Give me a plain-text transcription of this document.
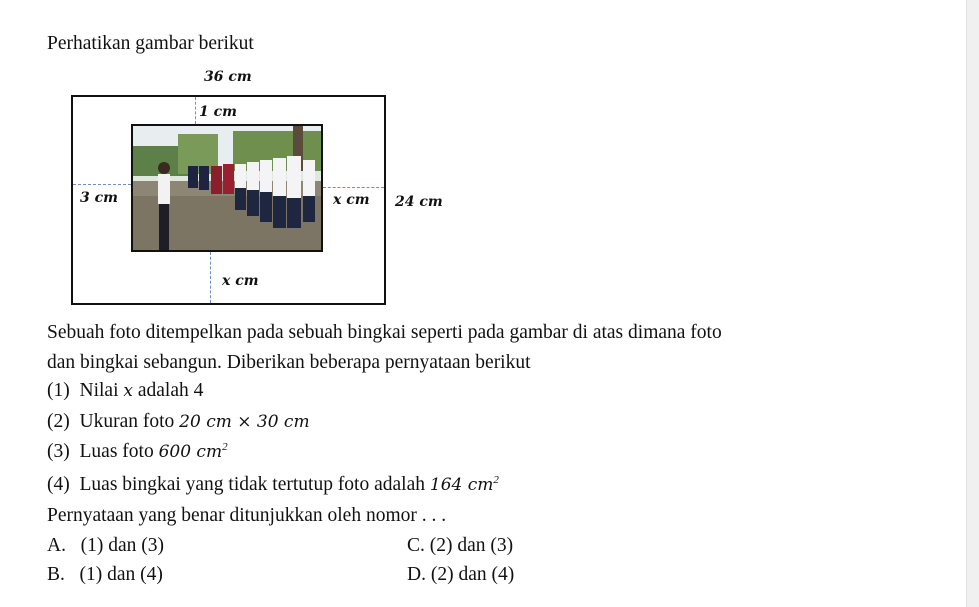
Perhatikan gambar berikut
36 cm
1 cm
3 cm	x cm
x cm
24 cm
Sebuah foto ditempelkan pada sebuah bingkai seperti pada gambar di atas dimana foto
dan bingkai sebangun. Diberikan beberapa pernyataan berikut
(1) Nilai x adalah 4
(2) Ukuran foto 20 cm × 30 cm
(3) Luas foto 600 $cm^2$
(4) Luas bingkai yang tidak tertutup foto adalah 164 $cm^2$
Pernyataan yang benar ditunjukkan oleh nomor . . .
A. (1) dan (3)
B. (1) dan (4)
C. (2) dan (3)
D. (2) dan (4)
